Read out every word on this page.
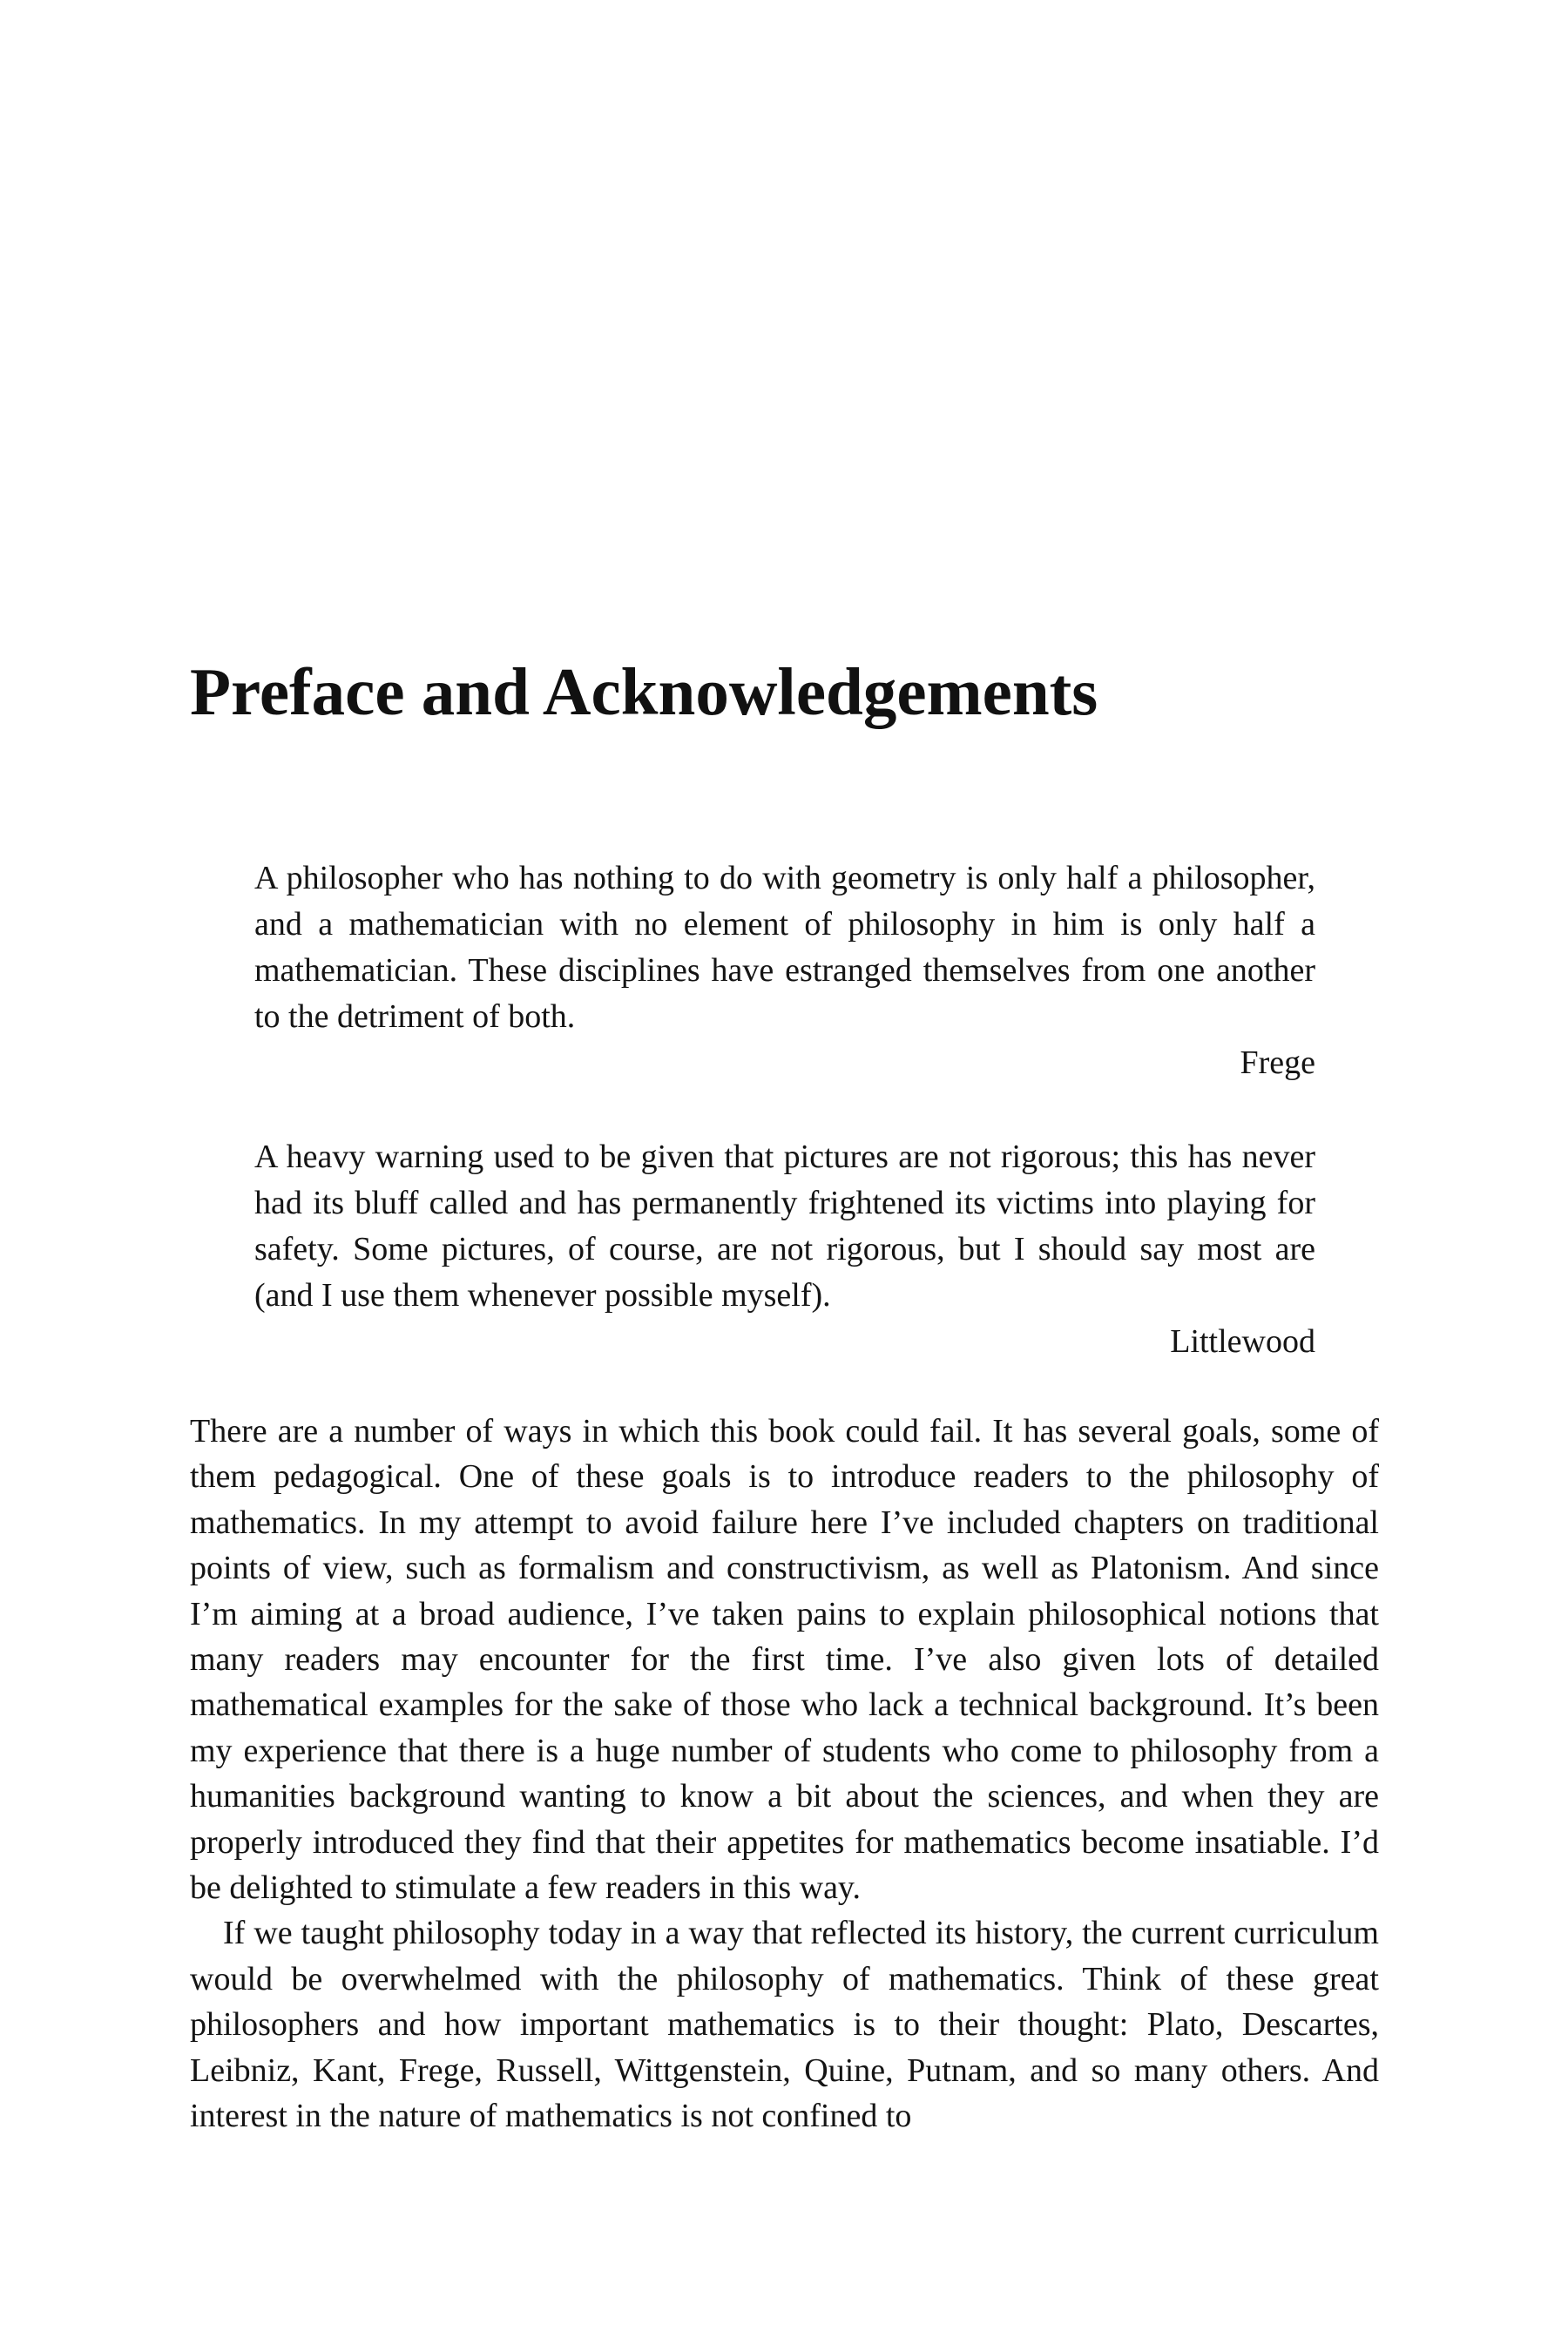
Preface and Acknowledgements

A philosopher who has nothing to do with geometry is only half a philosopher, and a mathematician with no element of philosophy in him is only half a mathematician. These disciplines have estranged themselves from one another to the detriment of both.

Frege

A heavy warning used to be given that pictures are not rigorous; this has never had its bluff called and has permanently frightened its victims into playing for safety. Some pictures, of course, are not rigorous, but I should say most are (and I use them whenever possible myself).

Littlewood

There are a number of ways in which this book could fail. It has several goals, some of them pedagogical. One of these goals is to introduce readers to the philosophy of mathematics. In my attempt to avoid failure here I’ve included chapters on traditional points of view, such as formalism and constructivism, as well as Platonism. And since I’m aiming at a broad audience, I’ve taken pains to explain philosophical notions that many readers may encounter for the first time. I’ve also given lots of detailed mathematical examples for the sake of those who lack a technical background. It’s been my experience that there is a huge number of students who come to philosophy from a humanities background wanting to know a bit about the sciences, and when they are properly introduced they find that their appetites for mathematics become insatiable. I’d be delighted to stimulate a few readers in this way.

If we taught philosophy today in a way that reflected its history, the current curriculum would be overwhelmed with the philosophy of mathematics. Think of these great philosophers and how important mathematics is to their thought: Plato, Descartes, Leibniz, Kant, Frege, Russell, Wittgenstein, Quine, Putnam, and so many others. And interest in the nature of mathematics is not confined to
